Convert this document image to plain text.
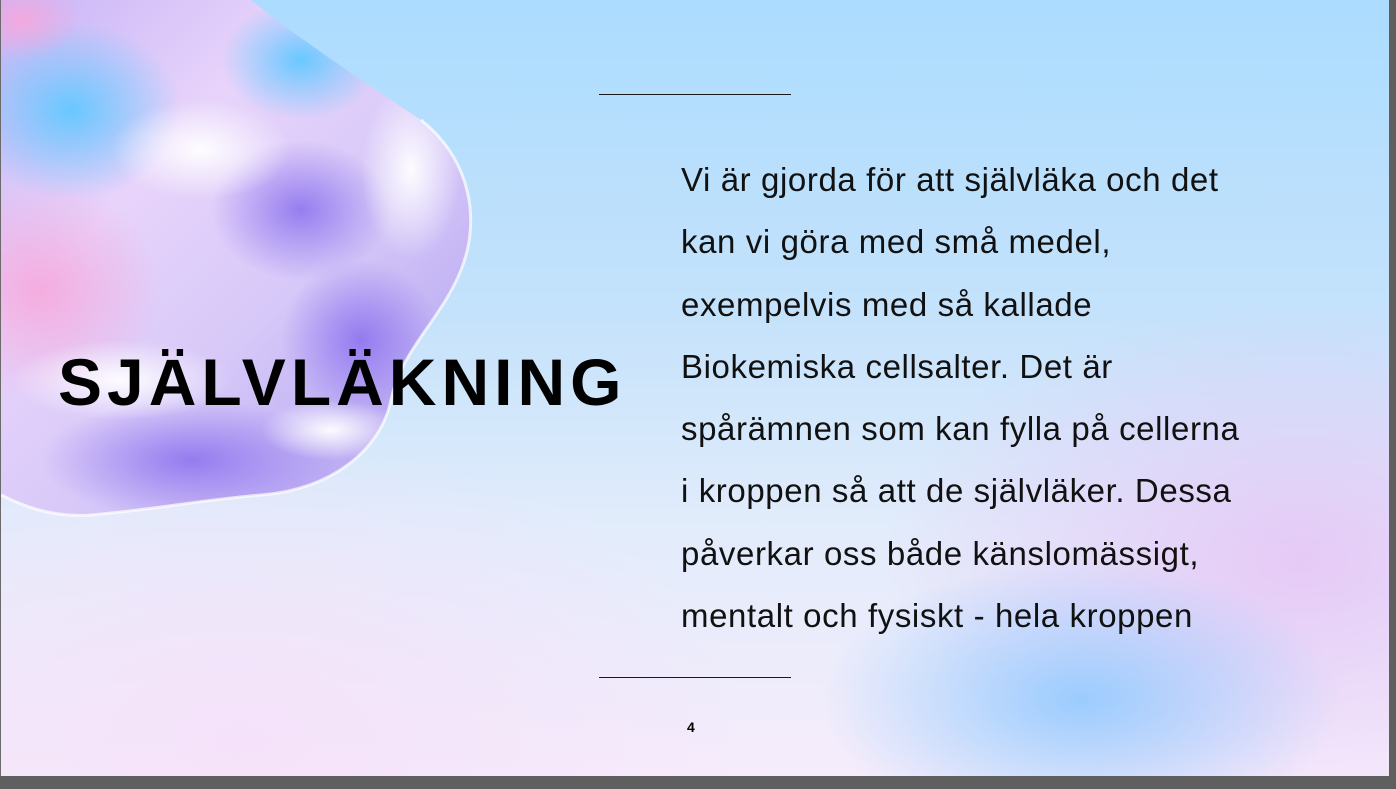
SJÄLVLÄKNING
Vi är gjorda för att självläka och det
kan vi göra med små medel,
exempelvis med så kallade
Biokemiska cellsalter. Det är
spårämnen som kan fylla på cellerna
i kroppen så att de självläker. Dessa
påverkar oss både känslomässigt,
mentalt och fysiskt - hela kroppen
4
